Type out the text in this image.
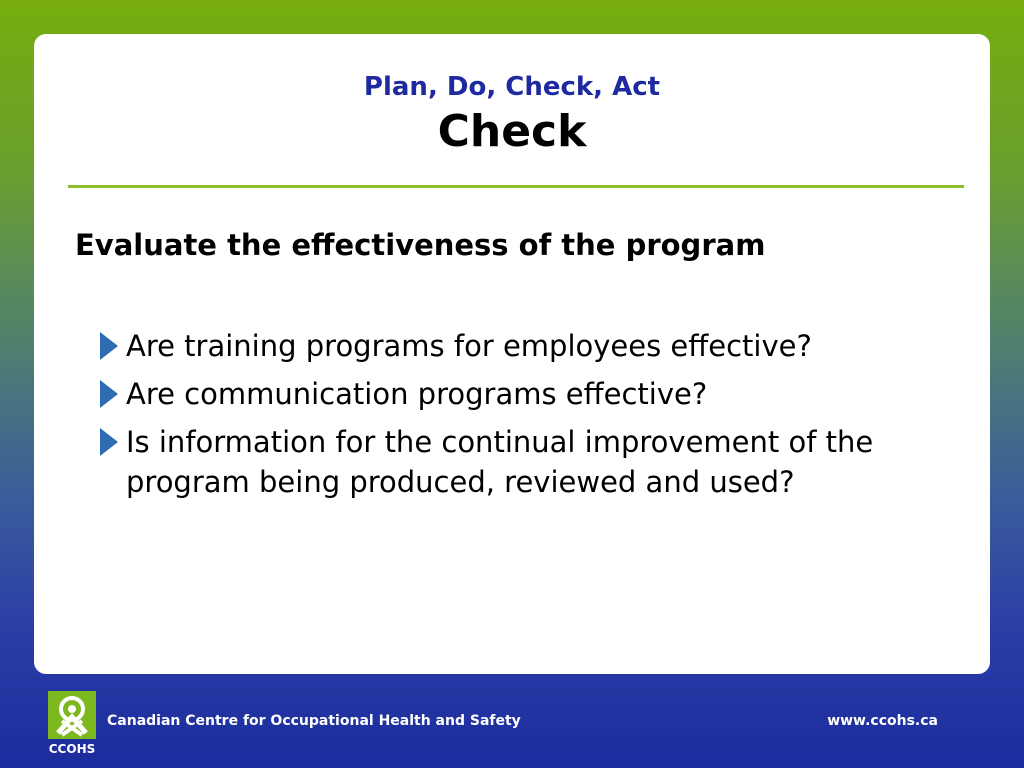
Plan, Do, Check, Act
Check
Evaluate the effectiveness of the program
Are training programs for employees effective?
Are communication programs effective?
Is information for the continual improvement of the program being produced, reviewed and used?
CCOHS
Canadian Centre for Occupational Health and Safety	www.ccohs.ca
